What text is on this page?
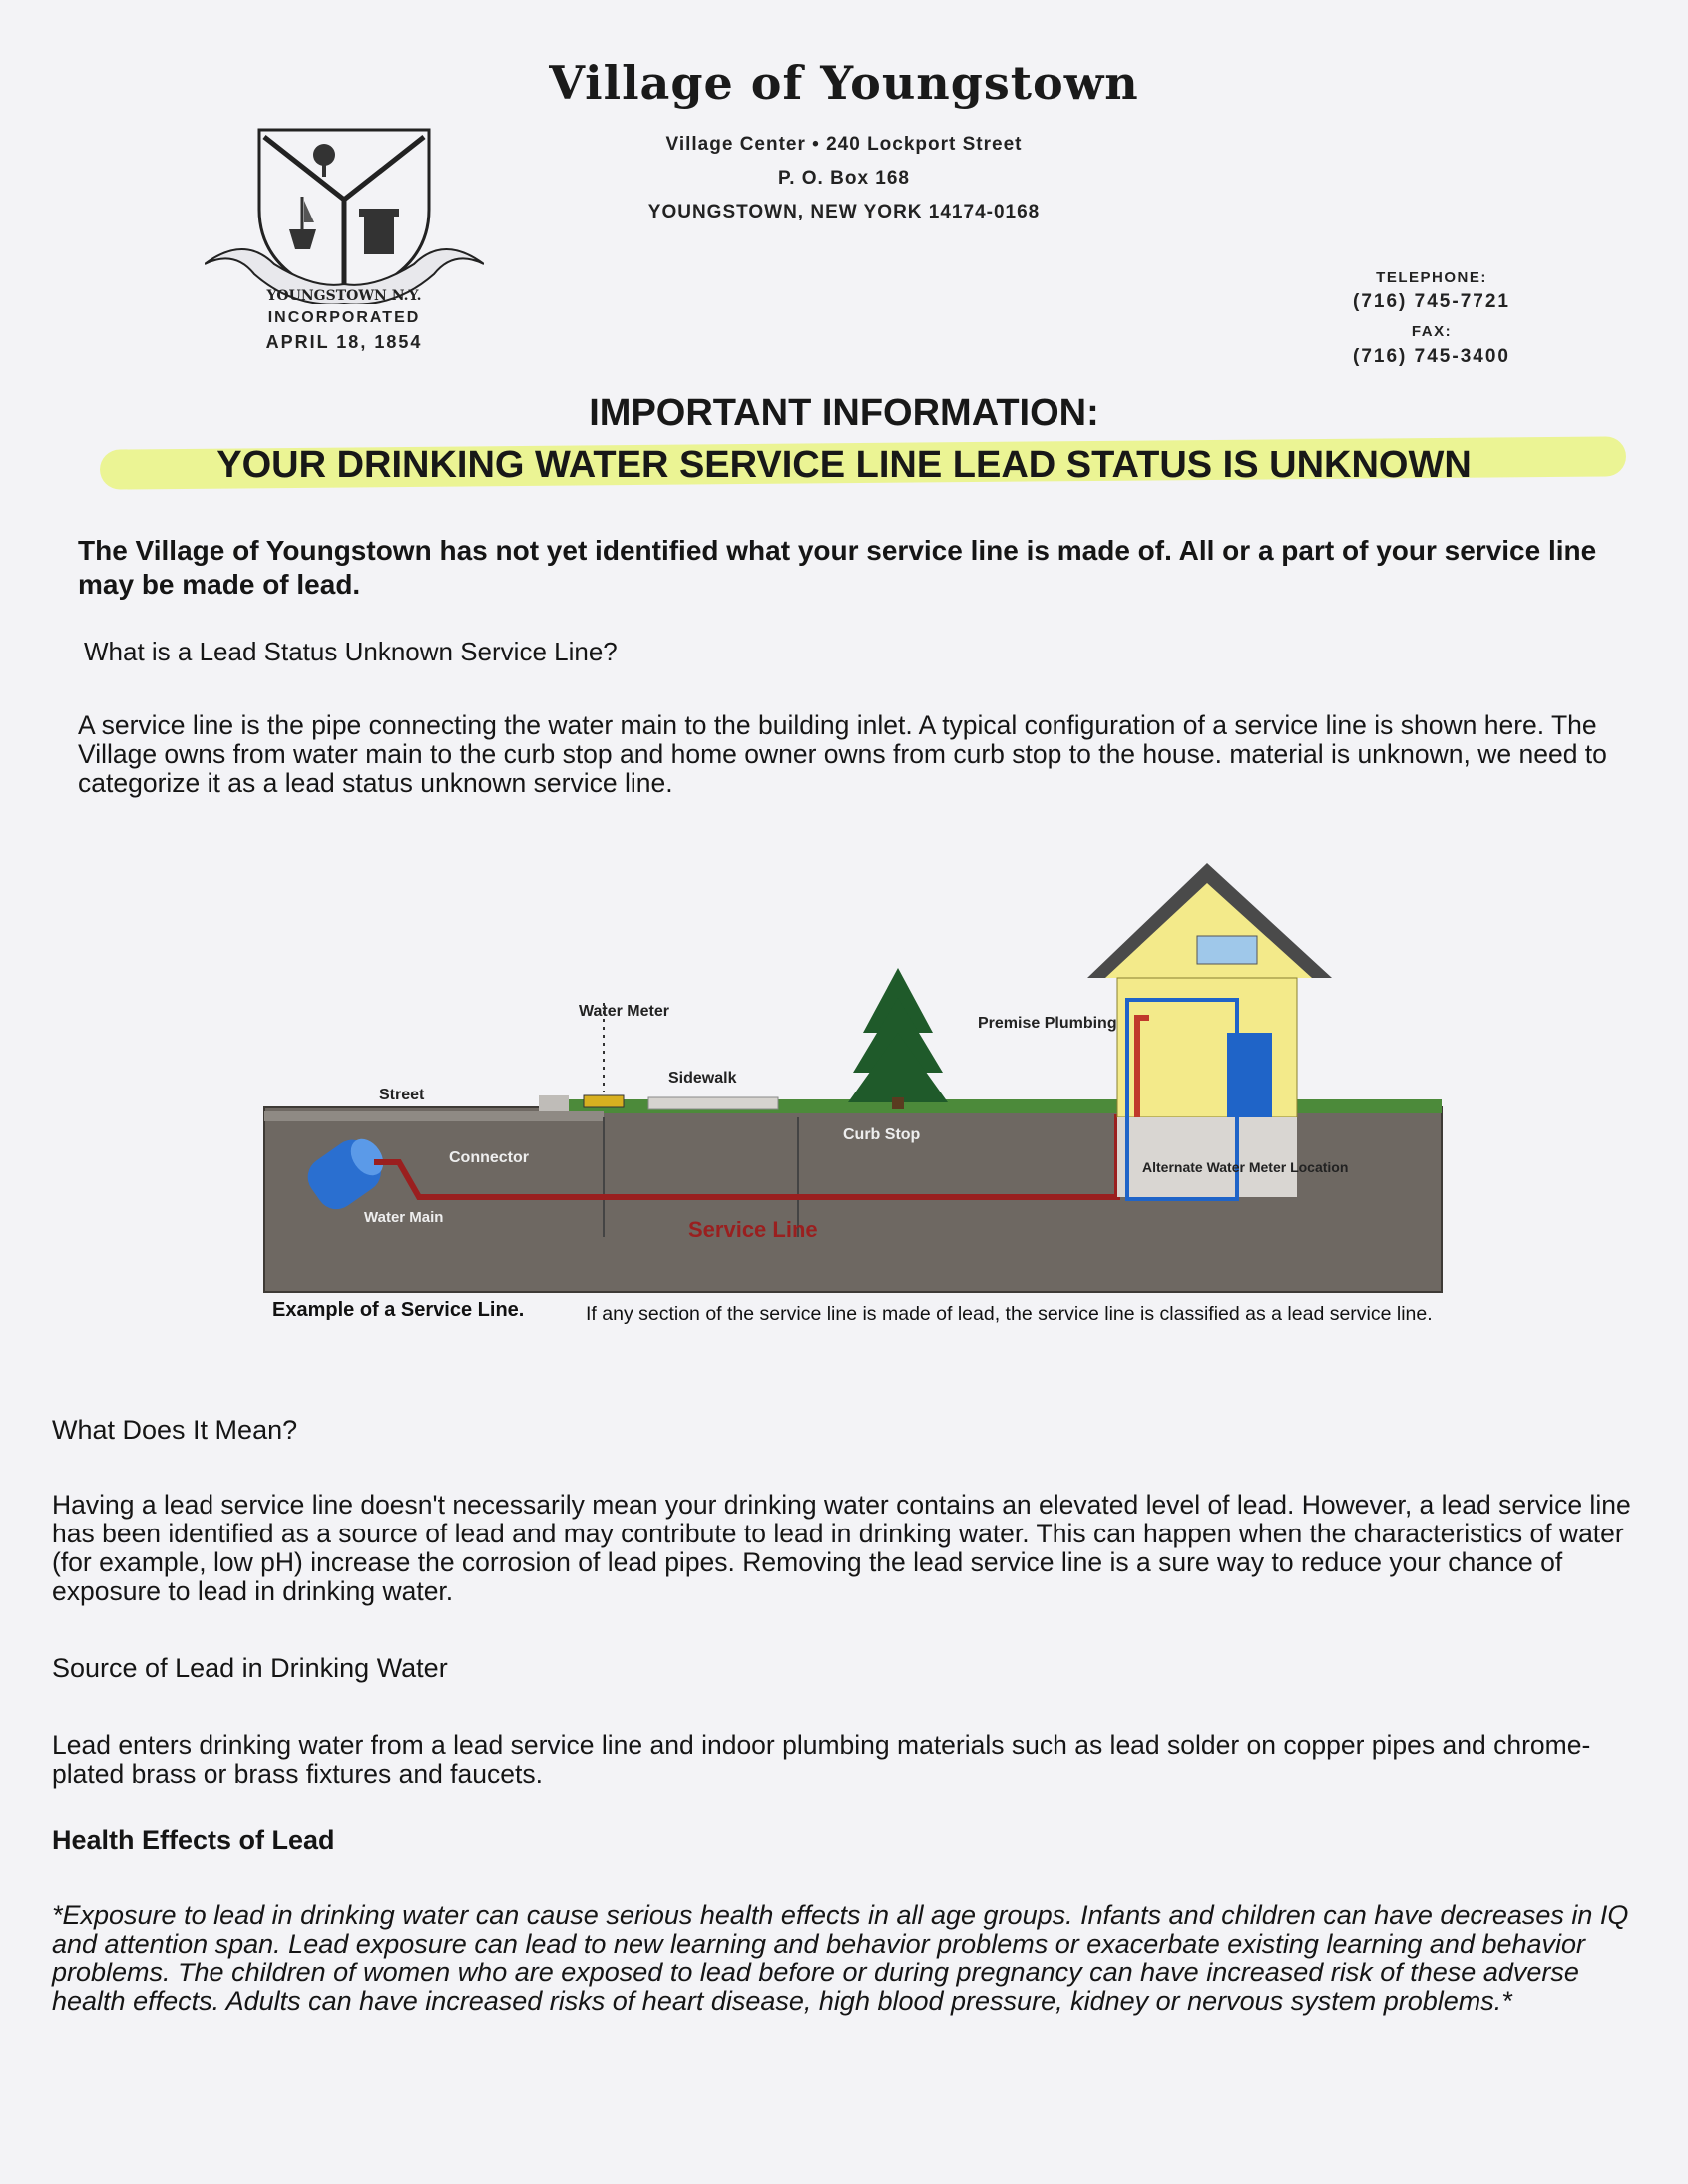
Village of Youngstown
Village Center • 240 Lockport Street
P. O. Box 168
YOUNGSTOWN, NEW YORK 14174-0168
YOUNGSTOWN N.Y.
INCORPORATED
APRIL 18, 1854
TELEPHONE:
(716) 745-7721
FAX:
(716) 745-3400
IMPORTANT INFORMATION:
YOUR DRINKING WATER SERVICE LINE LEAD STATUS IS UNKNOWN
The Village of Youngstown has not yet identified what your service line is made of. All or a part of your service line may be made of lead.
What is a Lead Status Unknown Service Line?
A service line is the pipe connecting the water main to the building inlet. A typical configuration of a service line is shown here. The Village owns from water main to the curb stop and home owner owns from curb stop to the house. material is unknown, we need to categorize it as a lead status unknown service line.
Water Meter
Premise Plumbing
Sidewalk
Street
Connector
Curb Stop
Water Main	Service Line
Alternate Water Meter Location
Example of a Service Line.	If any section of the service line is made of lead, the service line is classified as a lead service line.
What Does It Mean?
Having a lead service line doesn't necessarily mean your drinking water contains an elevated level of lead. However, a lead service line has been identified as a source of lead and may contribute to lead in drinking water. This can happen when the characteristics of water (for example, low pH) increase the corrosion of lead pipes. Removing the lead service line is a sure way to reduce your chance of exposure to lead in drinking water.
Source of Lead in Drinking Water
Lead enters drinking water from a lead service line and indoor plumbing materials such as lead solder on copper pipes and chrome-plated brass or brass fixtures and faucets.
Health Effects of Lead
*Exposure to lead in drinking water can cause serious health effects in all age groups. Infants and children can have decreases in IQ and attention span. Lead exposure can lead to new learning and behavior problems or exacerbate existing learning and behavior problems. The children of women who are exposed to lead before or during pregnancy can have increased risk of these adverse health effects. Adults can have increased risks of heart disease, high blood pressure, kidney or nervous system problems.*
